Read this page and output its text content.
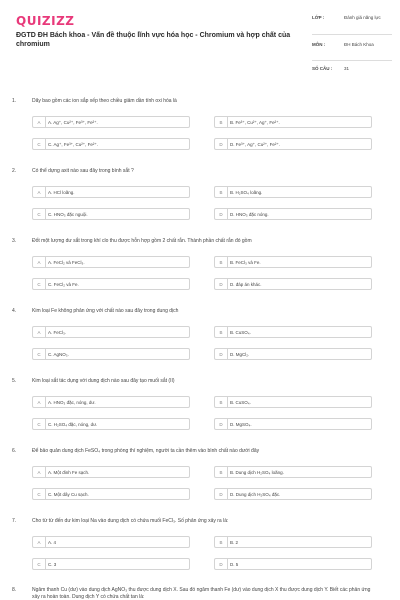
QUIZIZZ
ĐGTD ĐH Bách khoa - Vấn đề thuộc lĩnh vực hóa học - Chromium và hợp chất của chromium
LỚP :	Đánh giá năng lực
MÔN :	ĐH Bách Khoa
SỐ CÂU :	31
1.	Dãy bao gồm các ion sắp xếp theo chiều giảm dần tính oxi hóa là
A	A. Ag⁺, Cu²⁺, Fe³⁺, Fe²⁺.	B	B. Fe³⁺, Cu²⁺, Ag⁺, Fe²⁺.
C	C. Ag⁺, Fe³⁺, Cu²⁺, Fe²⁺.	D	D. Fe³⁺, Ag⁺, Cu²⁺, Fe²⁺.
2.	Có thể dựng axit nào sau đây trong bình sắt ?
A	A. HCl loãng.	B	B. H₂SO₄ loãng.
C	C. HNO₃ đặc nguội.	D	D. HNO₃ đặc nóng.
3.	Đốt một lượng dư sắt trong khí clo thu được hỗn hợp gồm 2 chất rắn. Thành phần chất rắn đó gồm
A	A. FeCl₂ và FeCl₃.	B	B. FeCl₃ và Fe.
C	C. FeCl₂ và Fe.	D	D. đáp án khác.
4.	Kim loại Fe không phản ứng với chất nào sau đây trong dung dịch
A	A. FeCl₃.	B	B. CuSO₄.
C	C. AgNO₃.	D	D. MgCl₂.
5.	Kim loại sắt tác dụng với dung dịch nào sau đây tạo muối sắt (II)
A	A. HNO₃ đặc, nóng, dư.	B	B. CuSO₄.
C	C. H₂SO₄ đặc, nóng, dư.	D	D. MgSO₄.
6.	Để bảo quản dung dịch FeSO₄ trong phòng thí nghiệm, người ta cần thêm vào bình chất nào dưới đây
A	A. Một đinh Fe sạch.	B	B. Dung dịch H₂SO₄ loãng.
C	C. Một dây Cu sạch.	D	D. Dung dịch H₂SO₄ đặc.
7.	Cho từ từ đến dư kim loại Na vào dung dịch có chứa muối FeCl₃. Số phản ứng xảy ra là:
A	A. 4	B	B. 2
C	C. 3	D	D. 5
8.	Ngâm thanh Cu (dư) vào dung dịch AgNO₃ thu được dung dịch X. Sau đó ngâm thanh Fe (dư) vào dung dịch X thu được dung dịch Y. Biết các phản ứng xảy ra hoàn toàn. Dung dịch Y có chứa chất tan là:
